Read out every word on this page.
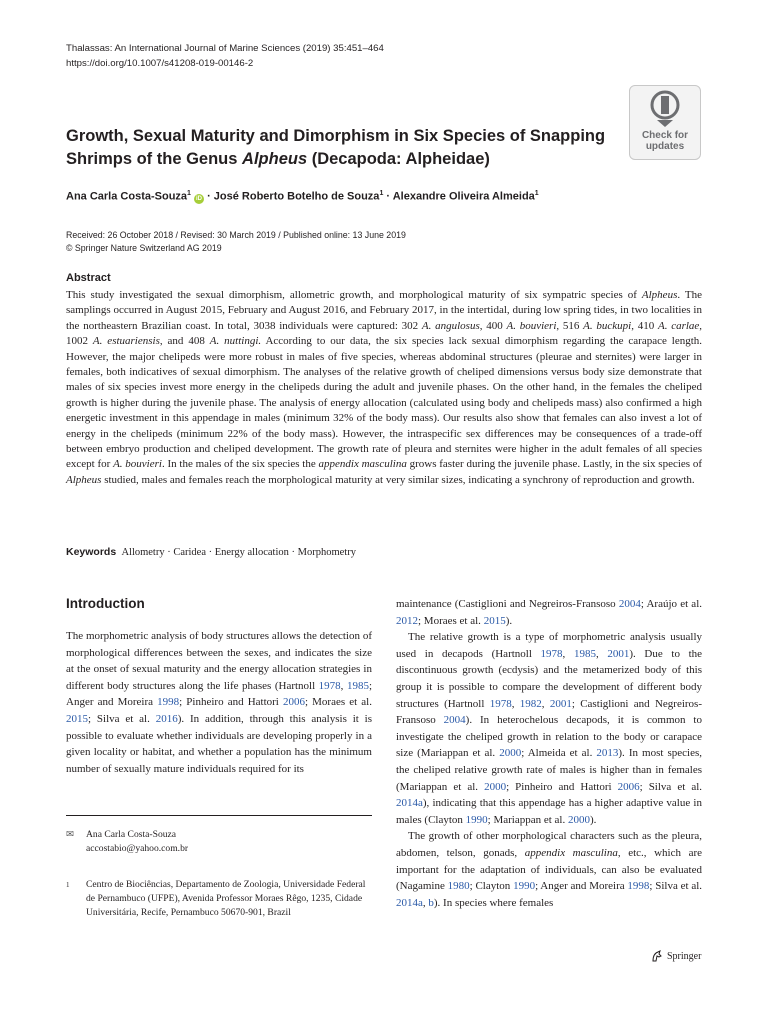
Thalassas: An International Journal of Marine Sciences (2019) 35:451–464
https://doi.org/10.1007/s41208-019-00146-2
Check for
updates
Growth, Sexual Maturity and Dimorphism in Six Species of Snapping Shrimps of the Genus Alpheus (Decapoda: Alpheidae)
Ana Carla Costa-Souza$^1$ iD · José Roberto Botelho de Souza$^1$ · Alexandre Oliveira Almeida$^1$
Received: 26 October 2018 / Revised: 30 March 2019 / Published online: 13 June 2019
© Springer Nature Switzerland AG 2019
Abstract

This study investigated the sexual dimorphism, allometric growth, and morphological maturity of six sympatric species of Alpheus. The samplings occurred in August 2015, February and August 2016, and February 2017, in the intertidal, during low spring tides, in two localities in the northeastern Brazilian coast. In total, 3038 individuals were captured: 302 A. angulosus, 400 A. bouvieri, 516 A. buckupi, 410 A. carlae, 1002 A. estuariensis, and 408 A. nuttingi. According to our data, the six species lack sexual dimorphism regarding the carapace length. However, the major chelipeds were more robust in males of five species, whereas abdominal structures (pleurae and sternites) were larger in females, both indicatives of sexual dimorphism. The analyses of the relative growth of cheliped dimensions versus body size demonstrate that males of six species invest more energy in the chelipeds during the adult and juvenile phases. On the other hand, in the females the cheliped growth is higher during the juvenile phase. The analysis of energy allocation (calculated using body and chelipeds mass) also confirmed a high energetic investment in this appendage in males (minimum 32% of the body mass). Our results also show that females can also invest a lot of energy in the chelipeds (minimum 22% of the body mass). However, the intraspecific sex differences may be consequences of a trade-off between embryo production and cheliped development. The growth rate of pleura and sternites were higher in the adult females of all species except for A. bouvieri. In the males of the six species the appendix masculina grows faster during the juvenile phase. Lastly, in the six species of Alpheus studied, males and females reach the morphological maturity at very similar sizes, indicating a synchrony of reproduction and growth.

Keywords Allometry · Caridea · Energy allocation · Morphometry
Introduction

The morphometric analysis of body structures allows the detection of morphological differences between the sexes, and indicates the size at the onset of sexual maturity and the energy allocation strategies in different body structures along the life phases (Hartnoll 1978, 1985; Anger and Moreira 1998; Pinheiro and Hattori 2006; Moraes et al. 2015; Silva et al. 2016). In addition, through this analysis it is possible to evaluate whether individuals are developing properly in a given locality or habitat, and whether a population has the minimum number of sexually mature individuals required for its

maintenance (Castiglioni and Negreiros-Fransoso 2004; Araújo et al. 2012; Moraes et al. 2015).

The relative growth is a type of morphometric analysis usually used in decapods (Hartnoll 1978, 1985, 2001). Due to the discontinuous growth (ecdysis) and the metamerized body of this group it is possible to compare the development of different body structures (Hartnoll 1978, 1982, 2001; Castiglioni and Negreiros-Fransoso 2004). In heterochelous decapods, it is common to investigate the cheliped growth in relation to the body or carapace size (Mariappan et al. 2000; Almeida et al. 2013). In most species, the cheliped relative growth rate of males is higher than in females (Mariappan et al. 2000; Pinheiro and Hattori 2006; Silva et al. 2014a), indicating that this appendage has a higher adaptive value in males (Clayton 1990; Mariappan et al. 2000).

The growth of other morphological characters such as the pleura, abdomen, telson, gonads, appendix masculina, etc., which are important for the adaptation of individuals, can also be evaluated (Nagamine 1980; Clayton 1990; Anger and Moreira 1998; Silva et al. 2014a, b). In species where females

✉ Ana Carla Costa-Souza
accostabio@yahoo.com.br
1 Centro de Biociências, Departamento de Zoologia, Universidade Federal de Pernambuco (UFPE), Avenida Professor Moraes Rêgo, 1235, Cidade Universitária, Recife, Pernambuco 50670-901, Brazil
Springer
